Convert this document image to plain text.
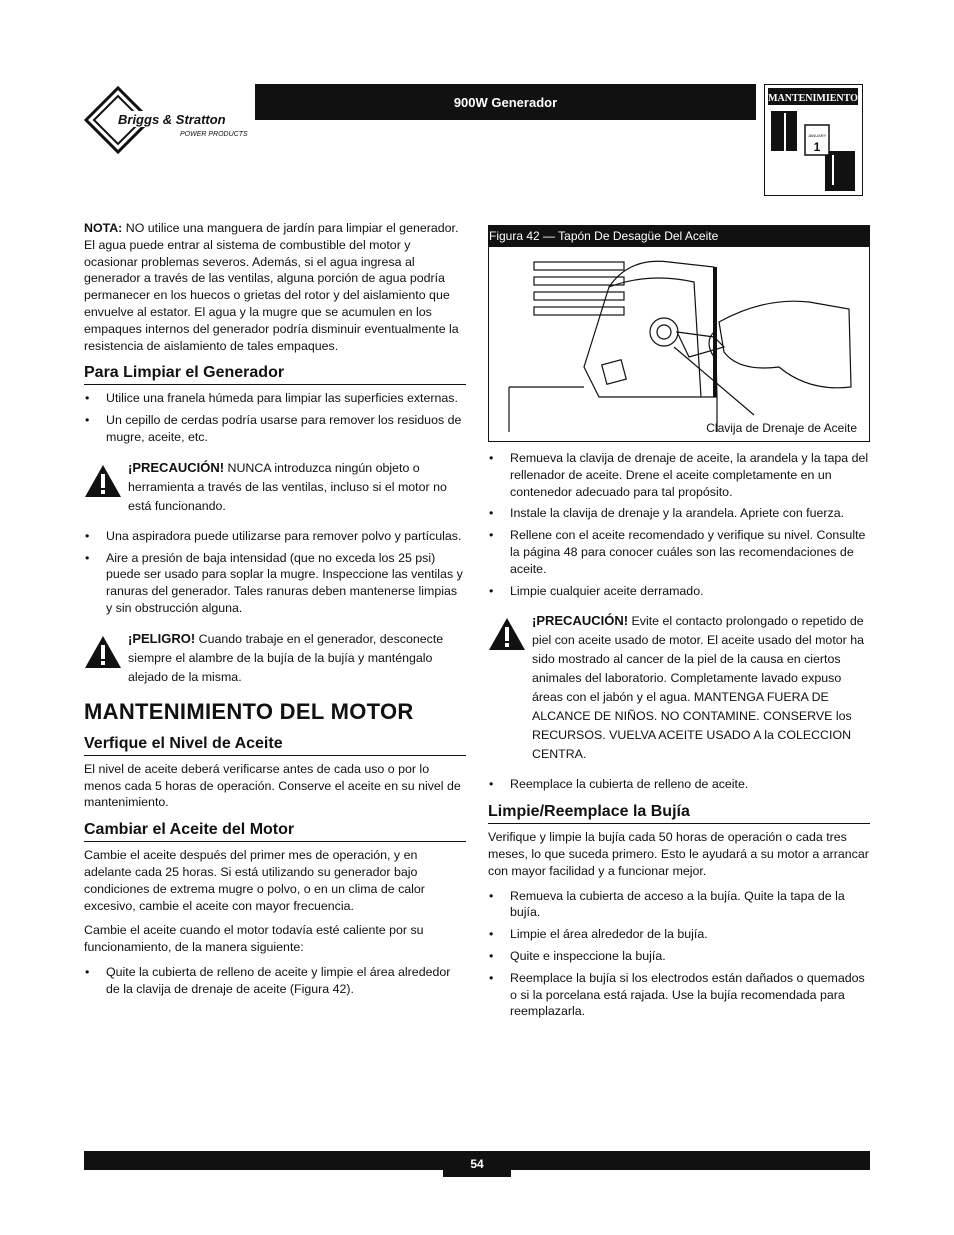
Briggs & Stratton
POWER PRODUCTS
900W Generador	MANTENIMIENTO
JANUARY
1

NOTA: NO utilice una manguera de jardín para limpiar el generador. El agua puede entrar al sistema de combustible del motor y ocasionar problemas severos. Además, si el agua ingresa al generador a través de las ventilas, alguna porción de agua podría permanecer en los huecos o grietas del rotor y del aislamiento que envuelve al estator. El agua y la mugre que se acumulen en los empaques internos del generador podría disminuir eventualmente la resistencia de aislamiento de tales empaques.

Para Limpiar el Generador
• Utilice una franela húmeda para limpiar las superficies externas.
• Un cepillo de cerdas podría usarse para remover los residuos de mugre, aceite, etc.
¡PRECAUCIÓN! NUNCA introduzca ningún objeto o herramienta a través de las ventilas, incluso si el motor no está funcionando.
• Una aspiradora puede utilizarse para remover polvo y partículas.
• Aire a presión de baja intensidad (que no exceda los 25 psi) puede ser usado para soplar la mugre. Inspeccione las ventilas y ranuras del generador. Tales ranuras deben mantenerse limpias y sin obstrucción alguna.
¡PELIGRO! Cuando trabaje en el generador, desconecte siempre el alambre de la bujía de la bujía y manténgalo alejado de la misma.
MANTENIMIENTO DEL MOTOR
Verfique el Nivel de Aceite

El nivel de aceite deberá verificarse antes de cada uso o por lo menos cada 5 horas de operación. Conserve el aceite en su nivel de mantenimiento.

Cambiar el Aceite del Motor

Cambie el aceite después del primer mes de operación, y en adelante cada 25 horas. Si está utilizando su generador bajo condiciones de extrema mugre o polvo, o en un clima de calor excesivo, cambie el aceite con mayor frecuencia.

Cambie el aceite cuando el motor todavía esté caliente por su funcionamiento, de la manera siguiente:

• Quite la cubierta de relleno de aceite y limpie el área alrededor de la clavija de drenaje de aceite (Figura 42).
Figura 42 — Tapón De Desagüe Del Aceite
Clavija de Drenaje de Aceite
• Remueva la clavija de drenaje de aceite, la arandela y la tapa del rellenador de aceite. Drene el aceite completamente en un contenedor adecuado para tal propósito.
• Instale la clavija de drenaje y la arandela. Apriete con fuerza.
• Rellene con el aceite recomendado y verifique su nivel. Consulte la página 48 para conocer cuáles son las recomendaciones de aceite.
• Limpie cualquier aceite derramado.
¡PRECAUCIÓN! Evite el contacto prolongado o repetido de piel con aceite usado de motor. El aceite usado del motor ha sido mostrado al cancer de la piel de la causa en ciertos animales del laboratorio. Completamente lavado expuso áreas con el jabón y el agua. MANTENGA FUERA DE ALCANCE DE NIÑOS. NO CONTAMINE. CONSERVE los RECURSOS. VUELVA ACEITE USADO A la COLECCION CENTRA.
• Reemplace la cubierta de relleno de aceite.
Limpie/Reemplace la Bujía

Verifique y limpie la bujía cada 50 horas de operación o cada tres meses, lo que suceda primero. Esto le ayudará a su motor a arrancar con mayor facilidad y a funcionar mejor.

• Remueva la cubierta de acceso a la bujía. Quite la tapa de la bujía.
• Limpie el área alrededor de la bujía.
• Quite e inspeccione la bujía.
• Reemplace la bujía si los electrodos están dañados o quemados o si la porcelana está rajada. Use la bujía recomendada para reemplazarla.
54
